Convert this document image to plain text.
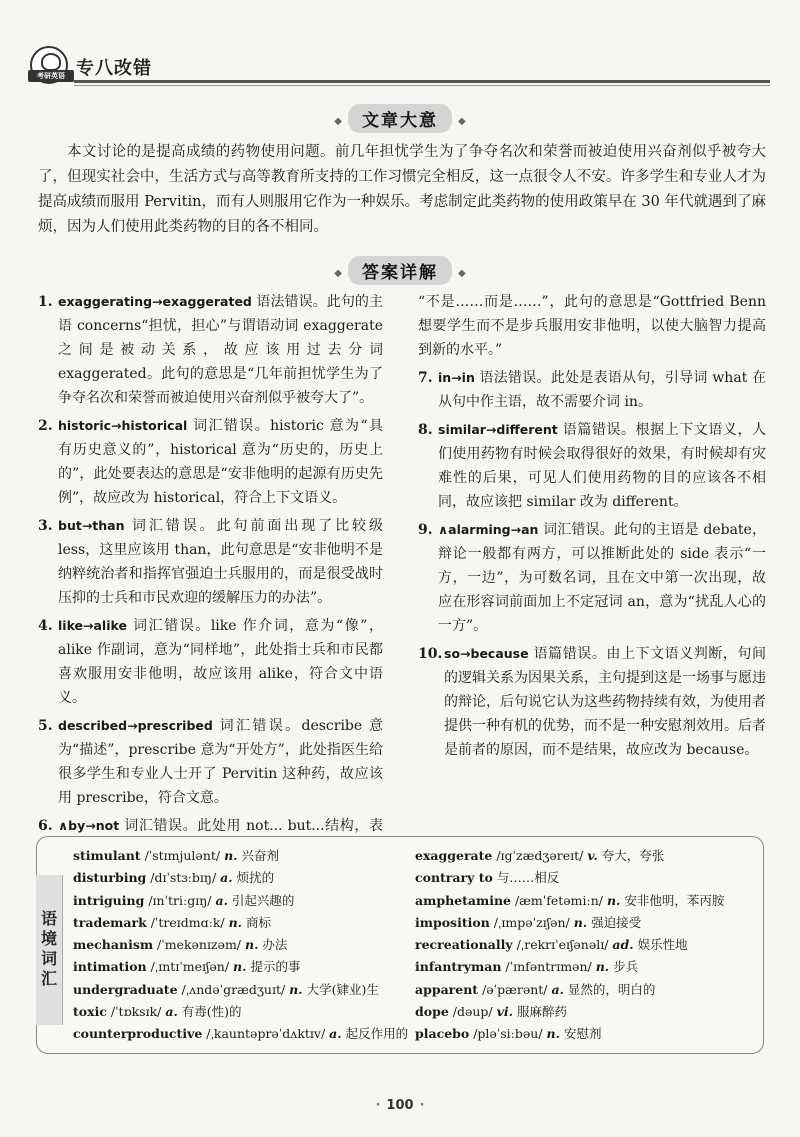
考研英语 专八改错
◆ 文章大意 ◆
本文讨论的是提高成绩的药物使用问题。前几年担忧学生为了争夺名次和荣誉而被迫使用兴奋剂似乎被夸大了，但现实社会中，生活方式与高等教育所支持的工作习惯完全相反，这一点很令人不安。许多学生和专业人才为提高成绩而服用 Pervitin，而有人则服用它作为一种娱乐。考虑制定此类药物的使用政策早在 30 年代就遇到了麻烦，因为人们使用此类药物的目的各不相同。
◆ 答案详解 ◆

1. exaggerating→exaggerated 语法错误。此句的主语 concerns“担忧，担心”与谓语动词 exaggerate 之间是被动关系，故应该用过去分词 exaggerated。此句的意思是“几年前担忧学生为了争夺名次和荣誉而被迫使用兴奋剂似乎被夸大了”。

2. historic→historical 词汇错误。historic 意为“具有历史意义的”，historical 意为“历史的，历史上的”，此处要表达的意思是“安非他明的起源有历史先例”，故应改为 historical，符合上下文语义。

3. but→than 词汇错误。此句前面出现了比较级 less，这里应该用 than，此句意思是“安非他明不是纳粹统治者和指挥官强迫士兵服用的，而是很受战时压抑的士兵和市民欢迎的缓解压力的办法”。

4. like→alike 词汇错误。like 作介词，意为“像”，alike 作副词，意为“同样地”，此处指士兵和市民都喜欢服用安非他明，故应该用 alike，符合文中语义。

5. described→prescribed 词汇错误。describe 意为“描述”，prescribe 意为“开处方”，此处指医生给很多学生和专业人士开了 Pervitin 这种药，故应该用 prescribe，符合文意。

6. ∧by→not 词汇错误。此处用 not... but...结构，表

“不是……而是……”，此句的意思是“Gottfried Benn 想要学生而不是步兵服用安非他明，以使大脑智力提高到新的水平。”

7. in→in 语法错误。此处是表语从句，引导词 what 在从句中作主语，故不需要介词 in。

8. similar→different 语篇错误。根据上下文语义，人们使用药物有时候会取得很好的效果，有时候却有灾难性的后果，可见人们使用药物的目的应该各不相同，故应该把 similar 改为 different。

9. ∧alarming→an 词汇错误。此句的主语是 debate，辩论一般都有两方，可以推断此处的 side 表示“一方，一边”，为可数名词，且在文中第一次出现，故应在形容词前面加上不定冠词 an，意为“扰乱人心的一方”。

10. so→because 语篇错误。由上下文语义判断，句间的逻辑关系为因果关系，主句提到这是一场事与愿违的辩论，后句说它认为这些药物持续有效，为使用者提供一种有机的优势，而不是一种安慰剂效用。后者是前者的原因，而不是结果，故应改为 because。

语境词汇
stimulant /ˈstɪmjulənt/ n. 兴奋剂
disturbing /dɪˈstɜːbɪŋ/ a. 烦扰的
intriguing /ɪnˈtriːgɪŋ/ a. 引起兴趣的
trademark /ˈtreɪdmɑːk/ n. 商标
mechanism /ˈmekənɪzəm/ n. 办法
intimation /ˌɪntɪˈmeɪʃən/ n. 提示的事
undergraduate /ˌʌndəˈgrædʒuɪt/ n. 大学(肄业)生
toxic /ˈtɒksɪk/ a. 有毒(性)的
counterproductive /ˌkauntəprəˈdʌktɪv/ a. 起反作用的
exaggerate /ɪgˈzædʒəreɪt/ v. 夸大，夸张
contrary to 与……相反
amphetamine /æmˈfetəmiːn/ n. 安非他明，苯丙胺
imposition /ˌɪmpəˈzɪʃən/ n. 强迫接受
recreationally /ˌrekrɪˈeɪʃənəlɪ/ ad. 娱乐性地
infantryman /ˈɪnfəntrɪmən/ n. 步兵
apparent /əˈpærənt/ a. 显然的，明白的
dope /dəup/ vi. 服麻醉药
placebo /pləˈsiːbəu/ n. 安慰剂
· 100 ·
